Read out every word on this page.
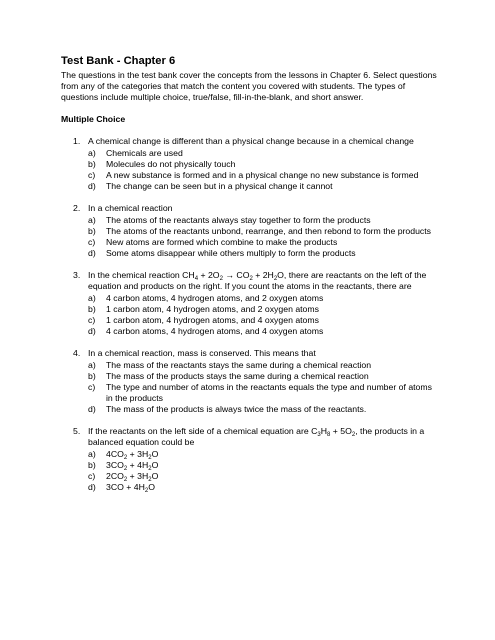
Test Bank - Chapter 6

The questions in the test bank cover the concepts from the lessons in Chapter 6. Select questions from any of the categories that match the content you covered with students. The types of questions include multiple choice, true/false, fill-in-the-blank, and short answer.

Multiple Choice
1. A chemical change is different than a physical change because in a chemical change
a)	Chemicals are used
b)	Molecules do not physically touch
c)	A new substance is formed and in a physical change no new substance is formed
d)	The change can be seen but in a physical change it cannot
2. In a chemical reaction
a)	The atoms of the reactants always stay together to form the products
b)	The atoms of the reactants unbond, rearrange, and then rebond to form the products
c)	New atoms are formed which combine to make the products
d)	Some atoms disappear while others multiply to form the products
3. In the chemical reaction $CH_4 + 2O_2 \to CO_2 + 2H_2O$, there are reactants on the left of the equation and products on the right. If you count the atoms in the reactants, there are
a)	4 carbon atoms, 4 hydrogen atoms, and 2 oxygen atoms
b)	1 carbon atom, 4 hydrogen atoms, and 2 oxygen atoms
c)	1 carbon atom, 4 hydrogen atoms, and 4 oxygen atoms
d)	4 carbon atoms, 4 hydrogen atoms, and 4 oxygen atoms
4. In a chemical reaction, mass is conserved. This means that
a)	The mass of the reactants stays the same during a chemical reaction
b)	The mass of the products stays the same during a chemical reaction
c)	The type and number of atoms in the reactants equals the type and number of atoms in the products
d)	The mass of the products is always twice the mass of the reactants.
5. If the reactants on the left side of a chemical equation are $C_3H_8 + 5O_2$, the products in a balanced equation could be
a)	$4CO_2 + 3H_2O$
b)	$3CO_2 + 4H_2O$
c)	$2CO_2 + 3H_2O$
d)	$3CO + 4H_2O$
